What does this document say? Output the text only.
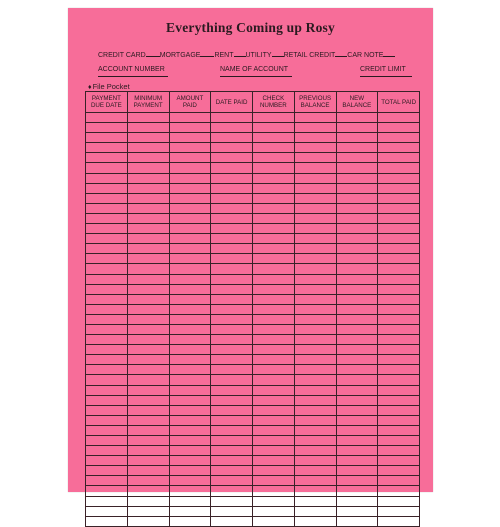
Everything Coming up Rosy
CREDIT CARD MORTGAGE RENT UTILITY RETAIL CREDIT CAR NOTE
ACCOUNT NUMBER	NAME OF ACCOUNT	CREDIT LIMIT
♦File Pocket
PAYMENT DUE DATE	MINIMUM PAYMENT	AMOUNT PAID	DATE PAID	CHECK NUMBER	PREVIOUS BALANCE	NEW BALANCE	TOTAL PAID
